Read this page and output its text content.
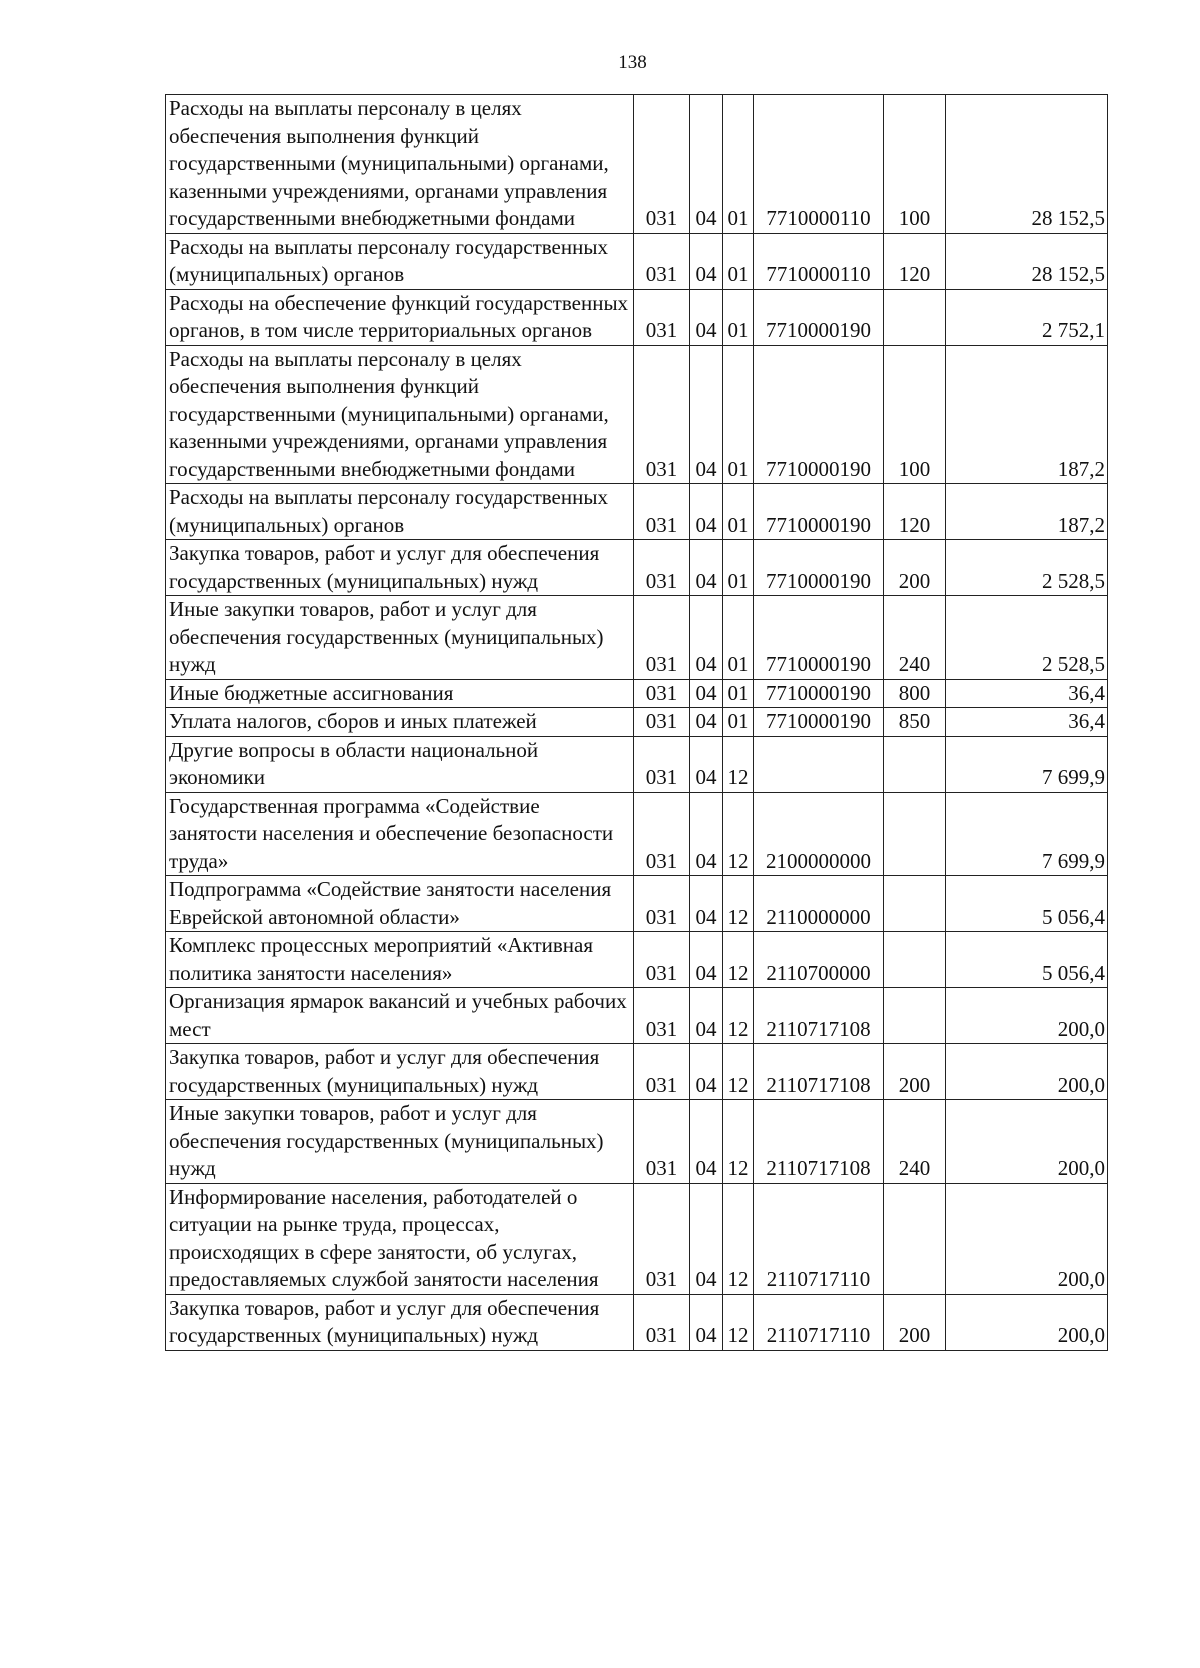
138
Расходы на выплаты персоналу в целях обеспечения выполнения функций государственными (муниципальными) органами, казенными учреждениями, органами управления государственными внебюджетными фондами	031	04	01	7710000110	100	28 152,5
Расходы на выплаты персоналу государственных (муниципальных) органов	031	04	01	7710000110	120	28 152,5
Расходы на обеспечение функций государственных органов, в том числе территориальных органов	031	04	01	7710000190		2 752,1
Расходы на выплаты персоналу в целях обеспечения выполнения функций государственными (муниципальными) органами, казенными учреждениями, органами управления государственными внебюджетными фондами	031	04	01	7710000190	100	187,2
Расходы на выплаты персоналу государственных (муниципальных) органов	031	04	01	7710000190	120	187,2
Закупка товаров, работ и услуг для обеспечения государственных (муниципальных) нужд	031	04	01	7710000190	200	2 528,5
Иные закупки товаров, работ и услуг для обеспечения государственных (муниципальных) нужд	031	04	01	7710000190	240	2 528,5
Иные бюджетные ассигнования	031	04	01	7710000190	800	36,4
Уплата налогов, сборов и иных платежей	031	04	01	7710000190	850	36,4
Другие вопросы в области национальной экономики	031	04	12			7 699,9
Государственная программа «Содействие занятости населения и обеспечение безопасности труда»	031	04	12	2100000000		7 699,9
Подпрограмма «Содействие занятости населения Еврейской автономной области»	031	04	12	2110000000		5 056,4
Комплекс процессных мероприятий «Активная политика занятости населения»	031	04	12	2110700000		5 056,4
Организация ярмарок вакансий и учебных рабочих мест	031	04	12	2110717108		200,0
Закупка товаров, работ и услуг для обеспечения государственных (муниципальных) нужд	031	04	12	2110717108	200	200,0
Иные закупки товаров, работ и услуг для обеспечения государственных (муниципальных) нужд	031	04	12	2110717108	240	200,0
Информирование населения, работодателей о ситуации на рынке труда, процессах, происходящих в сфере занятости, об услугах, предоставляемых службой занятости населения	031	04	12	2110717110		200,0
Закупка товаров, работ и услуг для обеспечения государственных (муниципальных) нужд	031	04	12	2110717110	200	200,0
